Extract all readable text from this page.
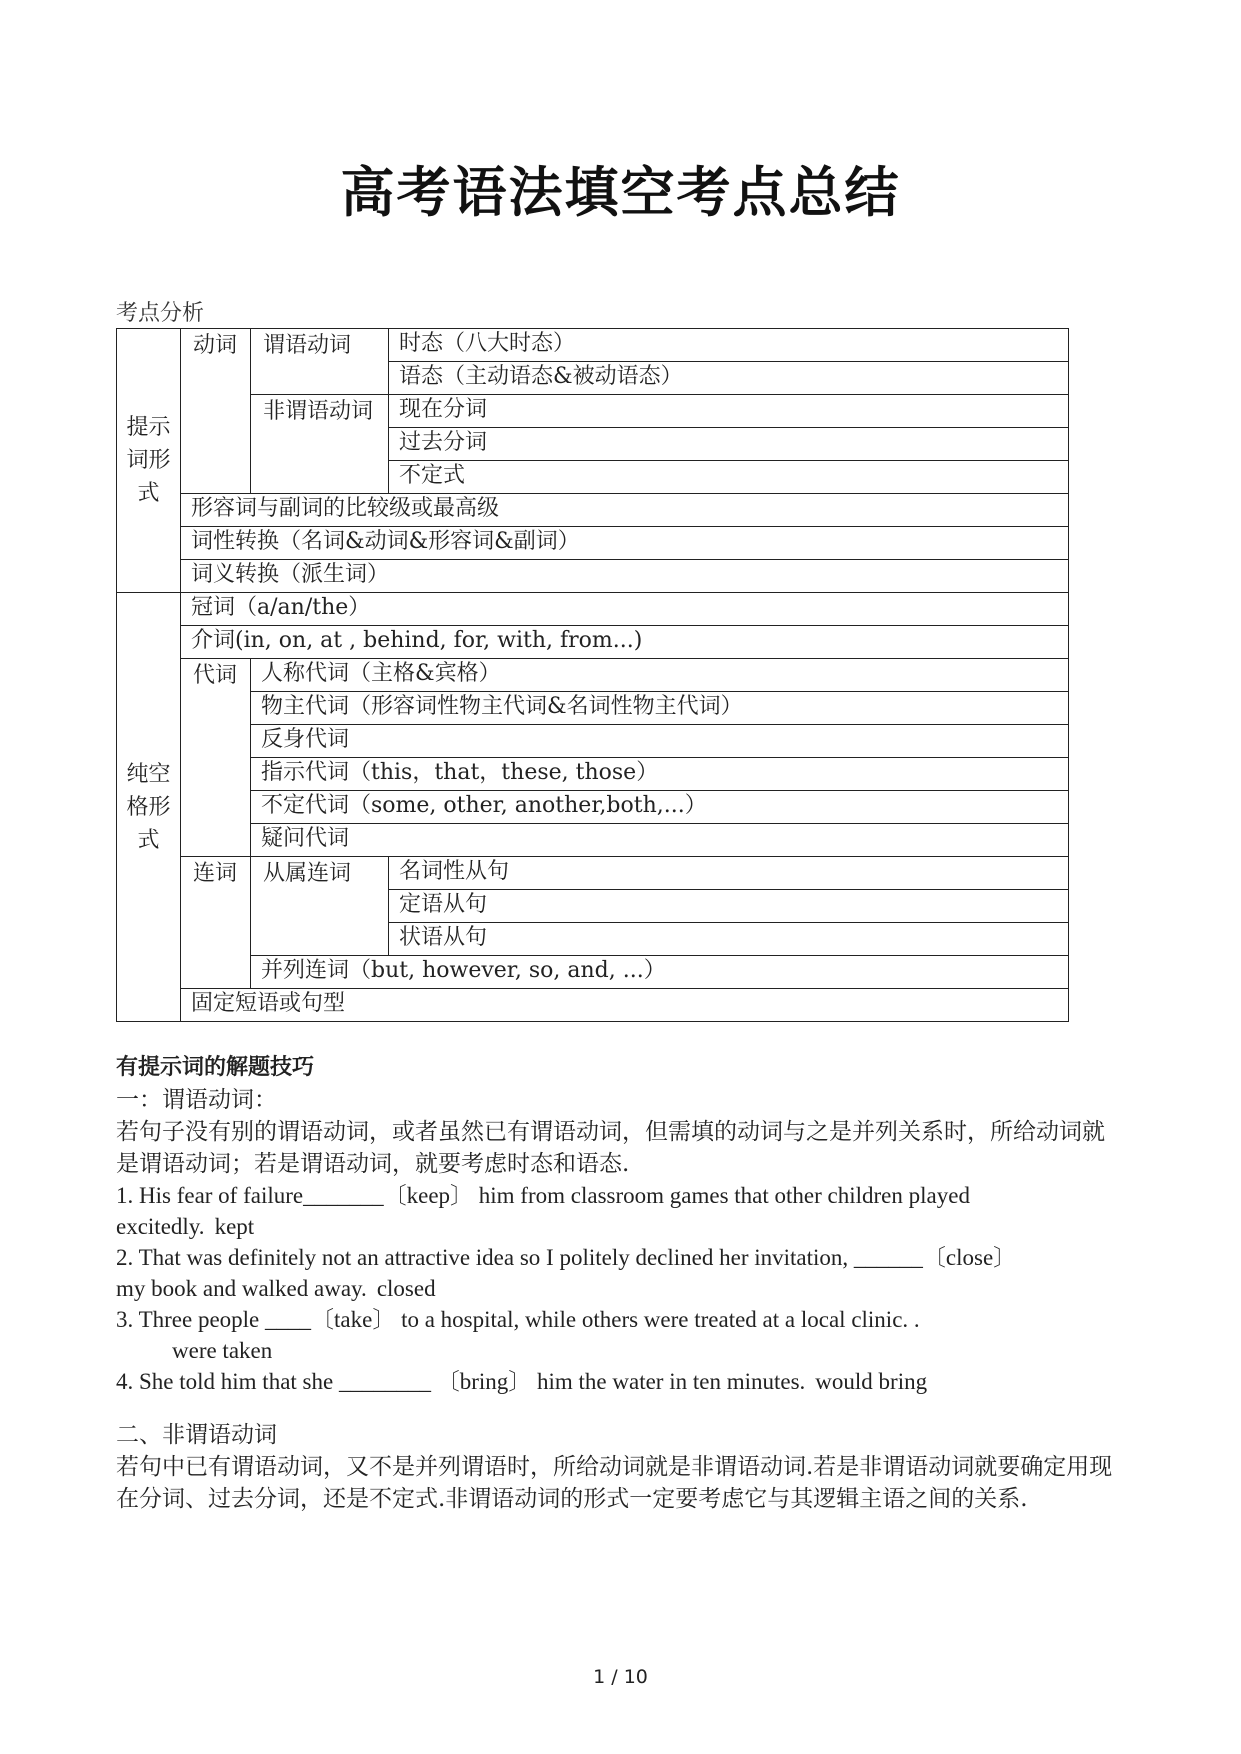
高考语法填空考点总结
考点分析
提示词形式	动词	谓语动词	时态（八大时态）
			语态（主动语态&被动语态）
		非谓语动词	现在分词
			过去分词
			不定式
	形容词与副词的比较级或最高级		
	词性转换（名词&动词&形容词&副词）		
	词义转换（派生词）		
纯空格形式	冠词（a/an/the）		
	介词(in, on, at , behind, for, with, from...)		
	代词	人称代词（主格&宾格）	
		物主代词（形容词性物主代词&名词性物主代词）	
		反身代词	
		指示代词（this，that，these, those）	
		不定代词（some, other, another,both,...）	
		疑问代词	
	连词	从属连词	名词性从句
			定语从句
			状语从句
		并列连词（but, however, so, and, ...）	
	固定短语或句型		
有提示词的解题技巧
一：谓语动词：
若句子没有别的谓语动词，或者虽然已有谓语动词，但需填的动词与之是并列关系时，所给动词就是谓语动词；若是谓语动词，就要考虑时态和语态.
1. His fear of failure_______〔keep〕 him from classroom games that other children played
excitedly. kept
2. That was definitely not an attractive idea so I politely declined her invitation, ______〔close〕
my book and walked away. closed
3. Three people ____〔take〕 to a hospital, while others were treated at a local clinic. .
were taken
4. She told him that she ________ 〔bring〕 him the water in ten minutes. would bring
二、非谓语动词
若句中已有谓语动词，又不是并列谓语时，所给动词就是非谓语动词.若是非谓语动词就要确定用现在分词、过去分词，还是不定式.非谓语动词的形式一定要考虑它与其逻辑主语之间的关系.
1 / 10
